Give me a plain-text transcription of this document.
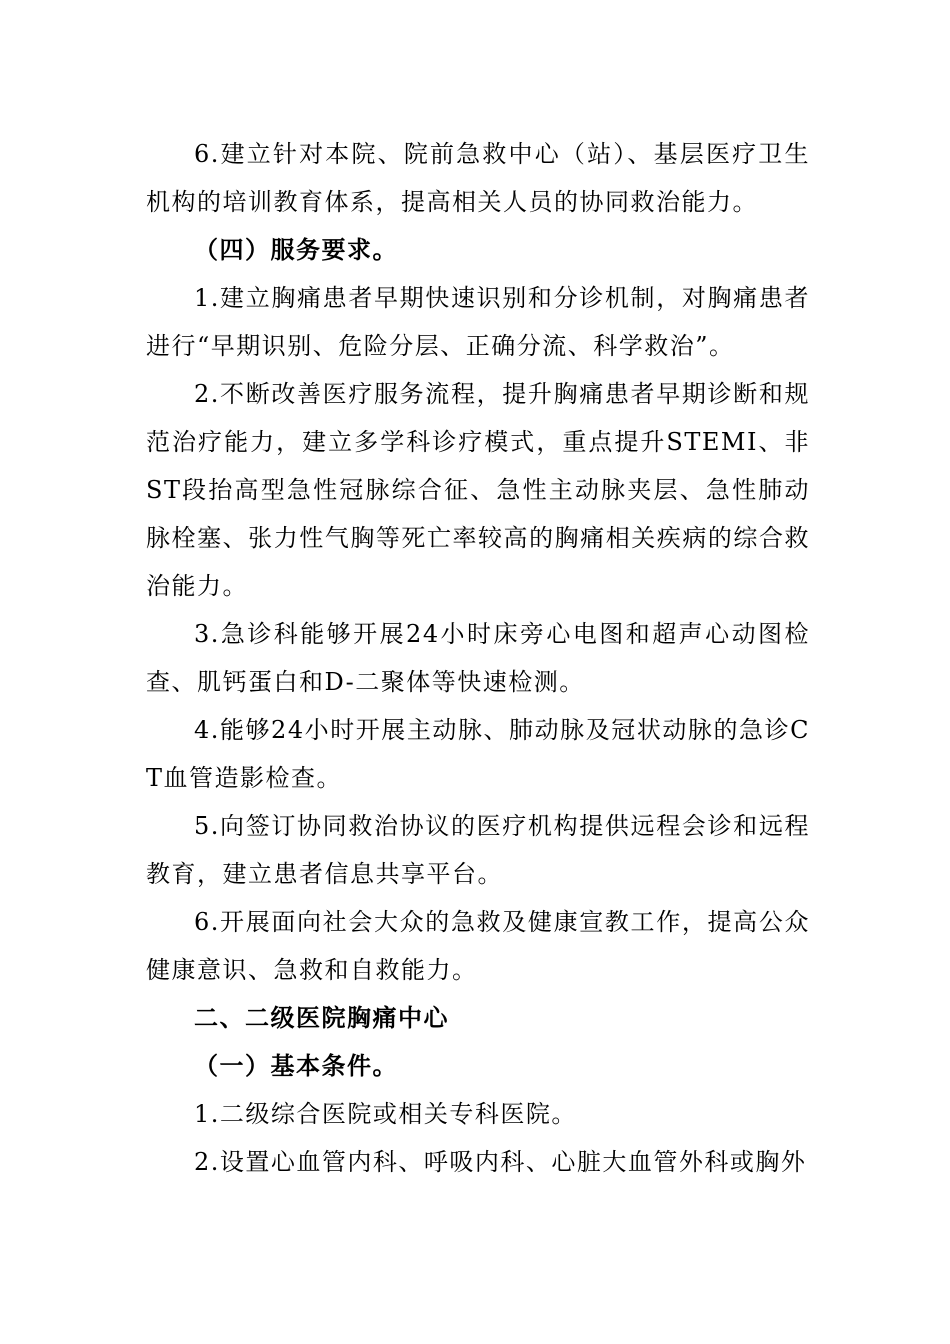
6.建立针对本院、院前急救中心（站）、基层医疗卫生机构的培训教育体系，提高相关人员的协同救治能力。

（四）服务要求。

1.建立胸痛患者早期快速识别和分诊机制，对胸痛患者进行“早期识别、危险分层、正确分流、科学救治”。

2.不断改善医疗服务流程，提升胸痛患者早期诊断和规范治疗能力，建立多学科诊疗模式，重点提升STEMI、非ST段抬高型急性冠脉综合征、急性主动脉夹层、急性肺动脉栓塞、张力性气胸等死亡率较高的胸痛相关疾病的综合救治能力。

3.急诊科能够开展24小时床旁心电图和超声心动图检查、肌钙蛋白和D-二聚体等快速检测。

4.能够24小时开展主动脉、肺动脉及冠状动脉的急诊CT血管造影检查。

5.向签订协同救治协议的医疗机构提供远程会诊和远程教育，建立患者信息共享平台。

6.开展面向社会大众的急救及健康宣教工作，提高公众健康意识、急救和自救能力。

二、二级医院胸痛中心

（一）基本条件。

1.二级综合医院或相关专科医院。

2.设置心血管内科、呼吸内科、心脏大血管外科或胸外
